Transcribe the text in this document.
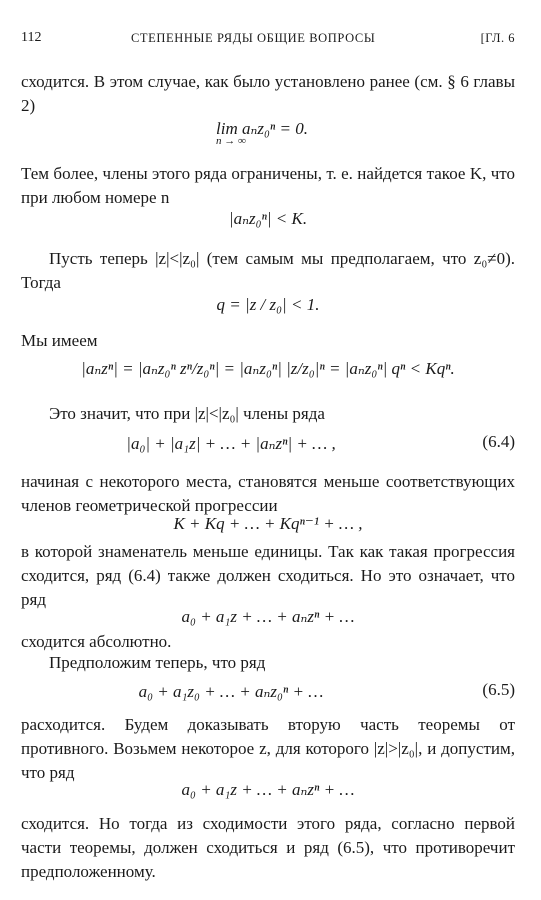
112	СТЕПЕННЫЕ РЯДЫ ОБЩИЕ ВОПРОСЫ	[ГЛ. 6
сходится. В этом случае, как было установлено ранее (см. § 6 главы 2)
lim aₙz₀ⁿ = 0.
n → ∞
Тем более, члены этого ряда ограничены, т. е. найдется такое K, что при любом номере n
|aₙz₀ⁿ| < K.
Пусть теперь |z|<|z₀| (тем самым мы предполагаем, что z₀≠0). Тогда
q = |z / z₀| < 1.
Мы имеем
|aₙzⁿ| = |aₙz₀ⁿ zⁿ/z₀ⁿ| = |aₙz₀ⁿ| |z/z₀|ⁿ = |aₙz₀ⁿ| qⁿ < Kqⁿ.
Это значит, что при |z|<|z₀| члены ряда
|a₀| + |a₁z| + … + |aₙzⁿ| + … ,	(6.4)
начиная с некоторого места, становятся меньше соответствующих членов геометрической прогрессии
K + Kq + … + Kqⁿ⁻¹ + … ,
в которой знаменатель меньше единицы. Так как такая прогрессия сходится, ряд (6.4) также должен сходиться. Но это означает, что ряд
a₀ + a₁z + … + aₙzⁿ + …
сходится абсолютно.
Предположим теперь, что ряд
a₀ + a₁z₀ + … + aₙz₀ⁿ + …	(6.5)
расходится. Будем доказывать вторую часть теоремы от противного. Возьмем некоторое z, для которого |z|>|z₀|, и допустим, что ряд
a₀ + a₁z + … + aₙzⁿ + …
сходится. Но тогда из сходимости этого ряда, согласно первой части теоремы, должен сходиться и ряд (6.5), что противоречит предположенному.
